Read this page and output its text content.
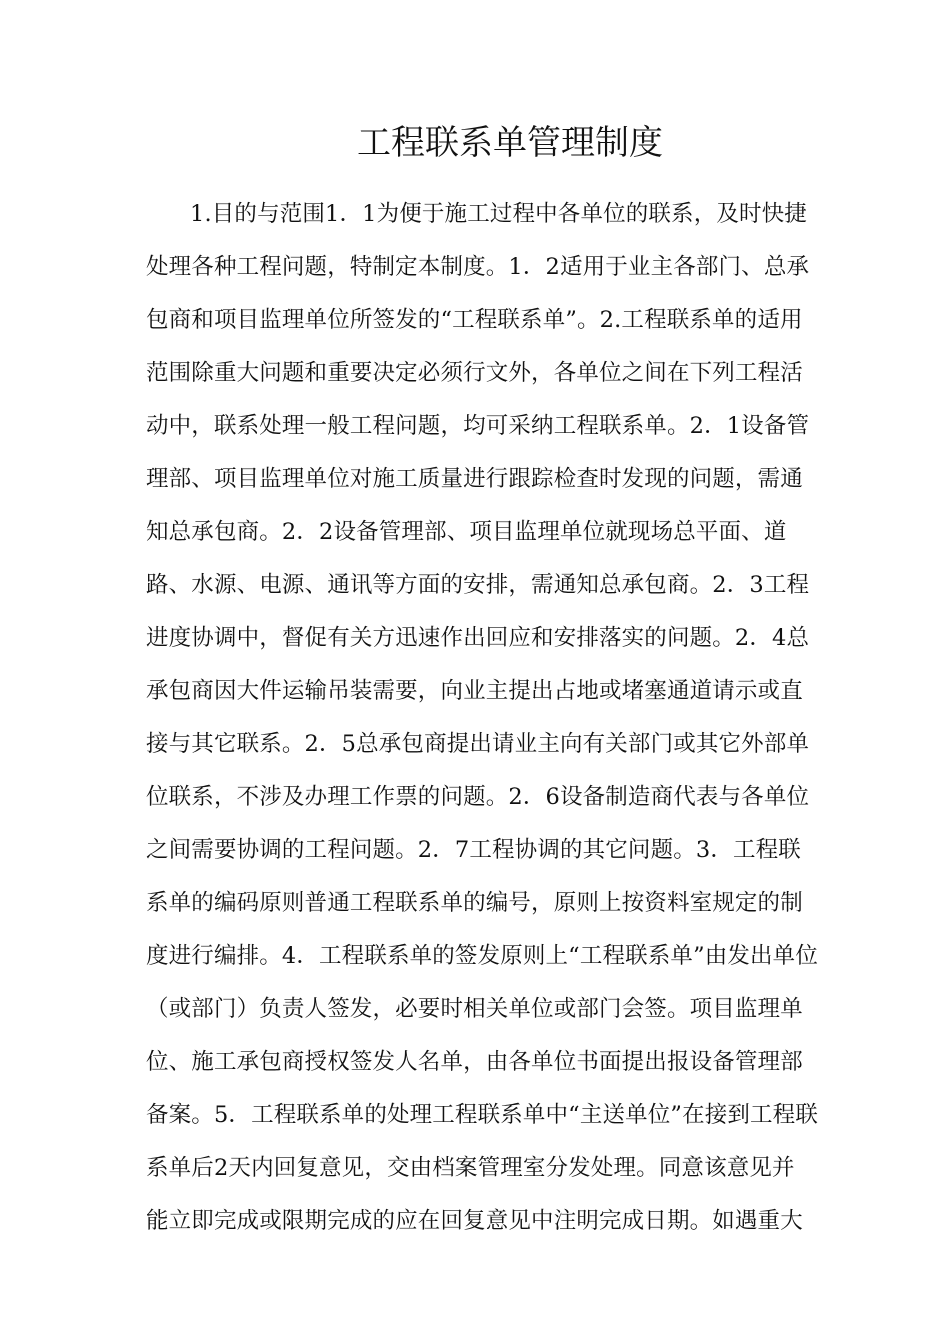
工程联系单管理制度
1.目的与范围1．1为便于施工过程中各单位的联系，及时快捷
处理各种工程问题，特制定本制度。1．2适用于业主各部门、总承
包商和项目监理单位所签发的“工程联系单”。2.工程联系单的适用
范围除重大问题和重要决定必须行文外，各单位之间在下列工程活
动中，联系处理一般工程问题，均可采纳工程联系单。2．1设备管
理部、项目监理单位对施工质量进行跟踪检查时发现的问题，需通
知总承包商。2．2设备管理部、项目监理单位就现场总平面、道
路、水源、电源、通讯等方面的安排，需通知总承包商。2．3工程
进度协调中，督促有关方迅速作出回应和安排落实的问题。2．4总
承包商因大件运输吊装需要，向业主提出占地或堵塞通道请示或直
接与其它联系。2．5总承包商提出请业主向有关部门或其它外部单
位联系，不涉及办理工作票的问题。2．6设备制造商代表与各单位
之间需要协调的工程问题。2．7工程协调的其它问题。3．工程联
系单的编码原则普通工程联系单的编号，原则上按资料室规定的制
度进行编排。4．工程联系单的签发原则上“工程联系单”由发出单位
（或部门）负责人签发，必要时相关单位或部门会签。项目监理单
位、施工承包商授权签发人名单，由各单位书面提出报设备管理部
备案。5．工程联系单的处理工程联系单中“主送单位”在接到工程联
系单后2天内回复意见，交由档案管理室分发处理。同意该意见并
能立即完成或限期完成的应在回复意见中注明完成日期。如遇重大
